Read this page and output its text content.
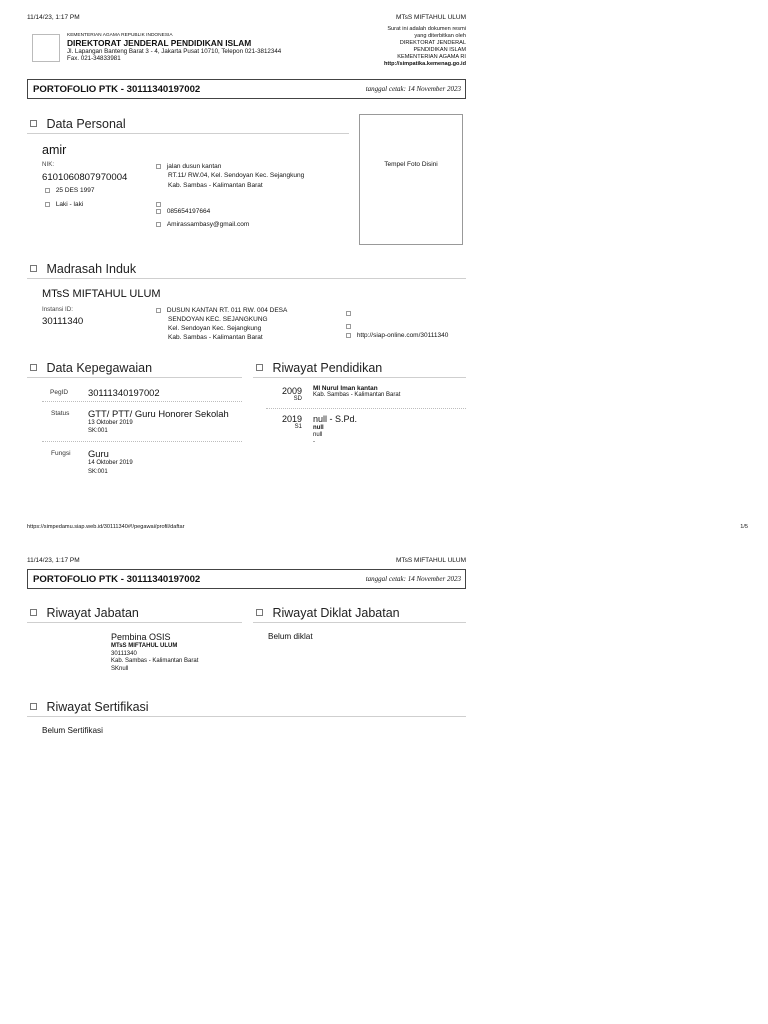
11/14/23, 1:17 PM	MTsS MIFTAHUL ULUM
KEMENTERIAN AGAMA REPUBLIK INDONESIA
DIREKTORAT JENDERAL PENDIDIKAN ISLAM
Jl. Lapangan Banteng Barat 3 - 4, Jakarta Pusat 10710, Telepon 021-3812344
Fax. 021-34833981
Surat ini adalah dokumen resmi
yang diterbitkan oleh
DIREKTORAT JENDERAL
PENDIDIKAN ISLAM
KEMENTERIAN AGAMA RI
http://simpatika.kemenag.go.id
PORTOFOLIO PTK - 30111340197002	tanggal cetak: 14 November 2023
Data Personal
amir
NIK:
6101060807970004
25 DES 1997
Laki - laki
jalan dusun kantan
RT.11/ RW.04, Kel. Sendoyan Kec. Sejangkung
Kab. Sambas - Kalimantan Barat
085654197664
Amirassambasy@gmail.com
Tempel Foto Disini
Madrasah Induk
MTsS MIFTAHUL ULUM
Instansi ID:
30111340
DUSUN KANTAN RT. 011 RW. 004 DESA
SENDOYAN KEC. SEJANGKUNG
Kel. Sendoyan Kec. Sejangkung
Kab. Sambas - Kalimantan Barat	http://siap-online.com/30111340
Data Kepegawaian
PegID 30111340197002
Status GTT/ PTT/ Guru Honorer Sekolah
13 Oktober 2019
SK:001
Fungsi Guru
14 Oktober 2019
SK:001
Riwayat Pendidikan
2009
SD
MI Nurul Iman kantan
Kab. Sambas - Kalimantan Barat
2019
S1
null - S.Pd.
null
null
-
https://simpedamu.siap.web.id/30111340#!/pegawai/profil/daftar	1/5
11/14/23, 1:17 PM	MTsS MIFTAHUL ULUM
PORTOFOLIO PTK - 30111340197002	tanggal cetak: 14 November 2023
Riwayat Jabatan
Pembina OSIS
MTsS MIFTAHUL ULUM
30111340
Kab. Sambas - Kalimantan Barat
SKnull
Riwayat Diklat Jabatan
Belum diklat
Riwayat Sertifikasi
Belum Sertifikasi
